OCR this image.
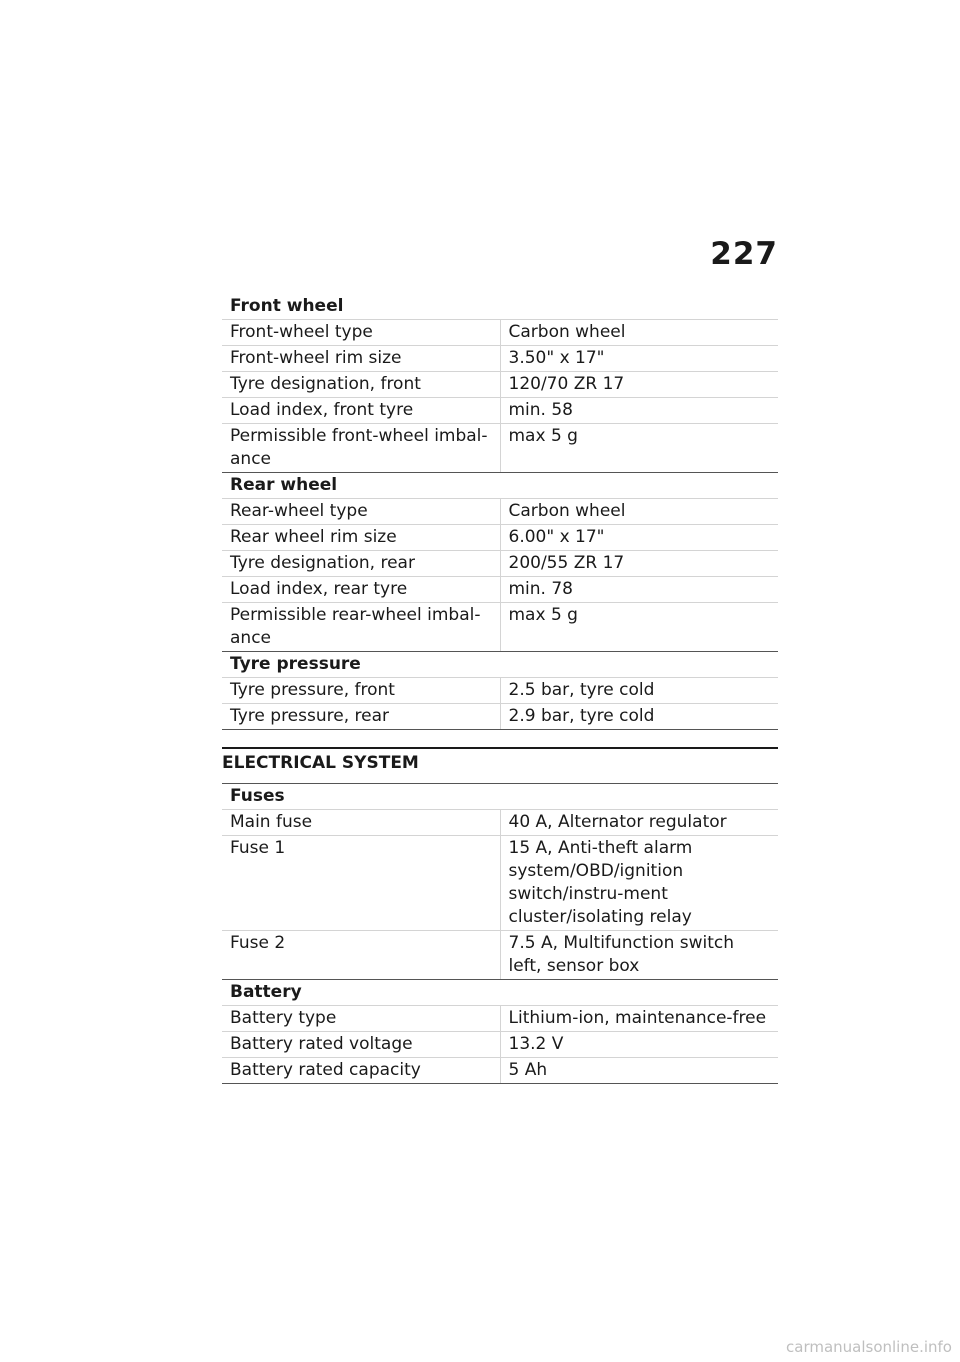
227
Front wheel	
Front-wheel type	Carbon wheel
Front-wheel rim size	3.50" x 17"
Tyre designation, front	120/70 ZR 17
Load index, front tyre	min. 58
Permissible front-wheel imbal-ance	max 5 g
Rear wheel	
Rear-wheel type	Carbon wheel
Rear wheel rim size	6.00" x 17"
Tyre designation, rear	200/55 ZR 17
Load index, rear tyre	min. 78
Permissible rear-wheel imbal-ance	max 5 g
Tyre pressure	
Tyre pressure, front	2.5 bar, tyre cold
Tyre pressure, rear	2.9 bar, tyre cold
ELECTRICAL SYSTEM
Fuses	
Main fuse	40 A, Alternator regulator
Fuse 1	15 A, Anti-theft alarm system/OBD/ignition switch/instru-ment cluster/isolating relay
Fuse 2	7.5 A, Multifunction switch left, sensor box
Battery	
Battery type	Lithium-ion, maintenance-free
Battery rated voltage	13.2 V
Battery rated capacity	5 Ah
carmanualsonline.info
